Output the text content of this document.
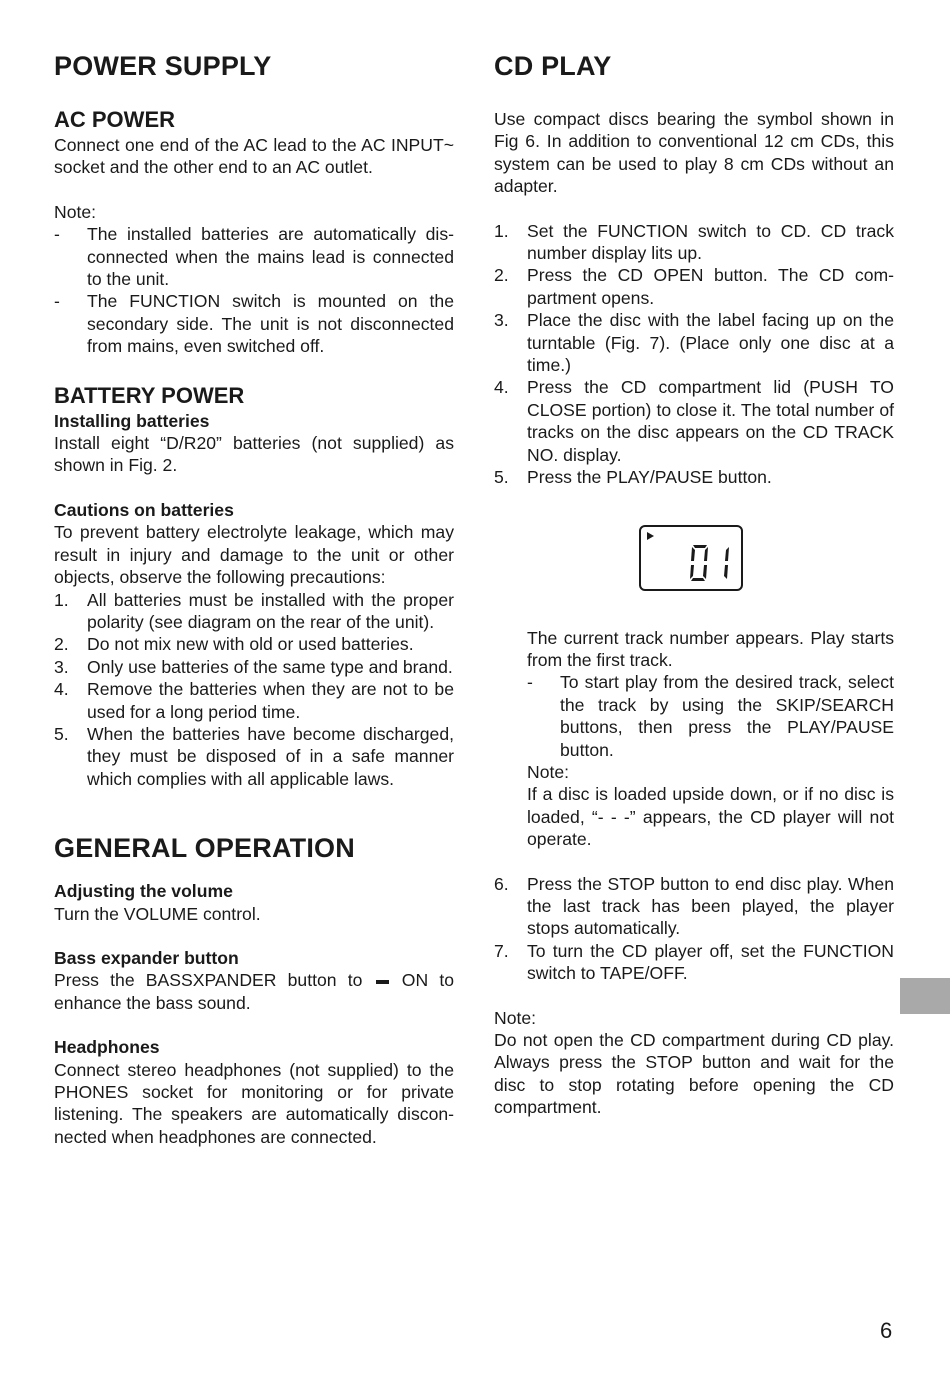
POWER SUPPLY
AC POWER

Connect one end of the AC lead to the AC INPUT~ socket and the other end to an AC outlet.

Note:

-	The installed batteries are automatically dis-connected when the mains lead is connected to the unit.
-	The FUNCTION switch is mounted on the secondary side. The unit is not disconnected from mains, even switched off.
BATTERY POWER
Installing batteries

Install eight “D/R20” batteries (not supplied) as shown in Fig. 2.

Cautions on batteries

To prevent battery electrolyte leakage, which may result in injury and damage to the unit or other objects, observe the following precautions:

1.	All batteries must be installed with the proper polarity (see diagram on the rear of the unit).
2.	Do not mix new with old or used batteries.
3.	Only use batteries of the same type and brand.
4.	Remove the batteries when they are not to be used for a long period time.
5.	When the batteries have become discharged, they must be disposed of in a safe manner which complies with all applicable laws.
GENERAL OPERATION
Adjusting the volume

Turn the VOLUME control.

Bass expander button

Press the BASSXPANDER button to ON to enhance the bass sound.

Headphones

Connect stereo headphones (not supplied) to the PHONES socket for monitoring or for private listening. The speakers are automatically discon-nected when headphones are connected.

CD PLAY

Use compact discs bearing the symbol shown in Fig 6. In addition to conventional 12 cm CDs, this system can be used to play 8 cm CDs without an adapter.

1.	Set the FUNCTION switch to CD. CD track number display lits up.
2.	Press the CD OPEN button. The CD com-partment opens.
3.	Place the disc with the label facing up on the turntable (Fig. 7). (Place only one disc at a time.)
4.	Press the CD compartment lid (PUSH TO CLOSE portion) to close it. The total number of tracks on the disc appears on the CD TRACK NO. display.
5.	Press the PLAY/PAUSE button.

The current track number appears. Play starts from the first track.

-	To start play from the desired track, select the track by using the SKIP/SEARCH buttons, then press the PLAY/PAUSE button.

Note:

If a disc is loaded upside down, or if no disc is loaded, “- - -” appears, the CD player will not operate.

6.	Press the STOP button to end disc play. When the last track has been played, the player stops automatically.
7.	To turn the CD player off, set the FUNCTION switch to TAPE/OFF.

Note:

Do not open the CD compartment during CD play. Always press the STOP button and wait for the disc to stop rotating before opening the CD compartment.

6
